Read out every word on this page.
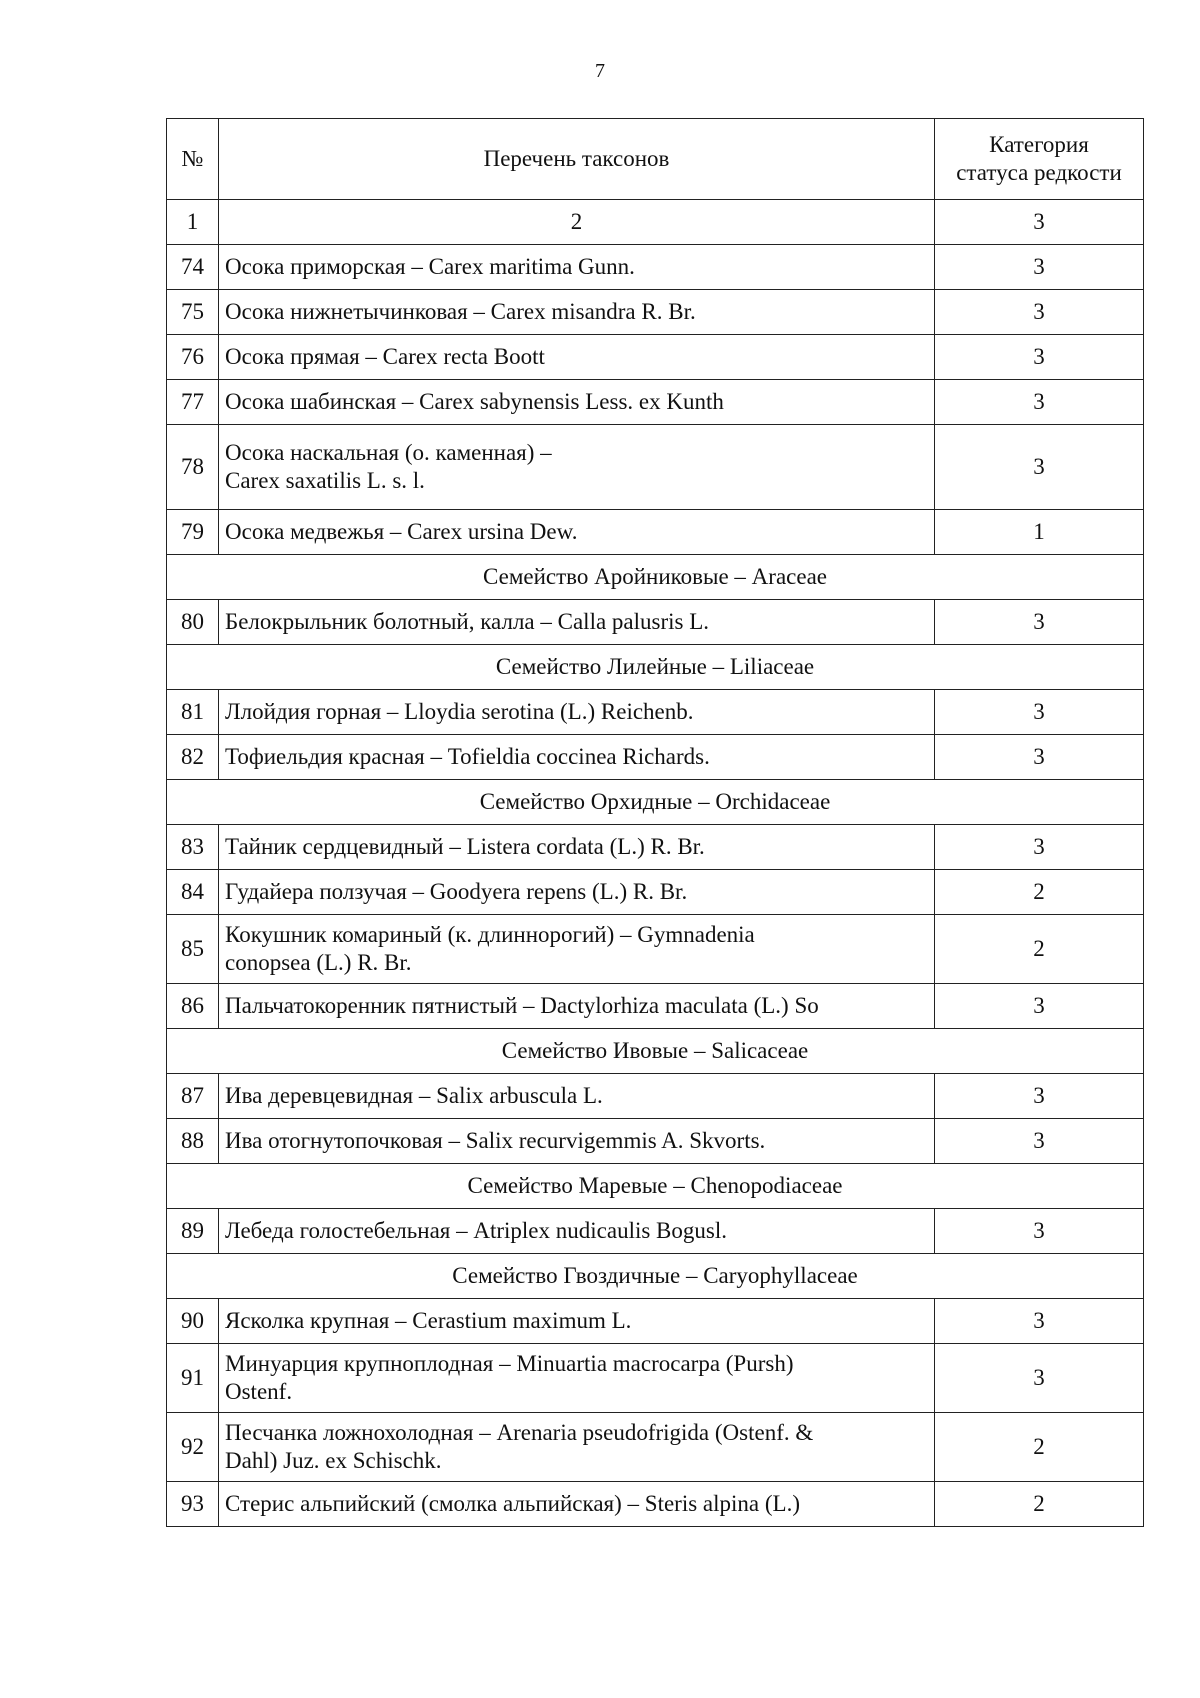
7
№	Перечень таксонов	Категория
статуса редкости
1	2	3
74	Осока приморская – Carex maritima Gunn.	3
75	Осока нижнетычинковая – Carex misandra R. Br.	3
76	Осока прямая – Carex recta Boott	3
77	Осока шабинская – Carex sabynensis Less. ex Kunth	3
78	Осока наскальная (о. каменная) –
Carex saxatilis L. s. l.	3
79	Осока медвежья – Carex ursina Dew.	1
Семейство Аройниковые – Araceae		
80	Белокрыльник болотный, калла – Calla palusris L.	3
Семейство Лилейные – Liliaceae		
81	Ллойдия горная – Lloydia serotina (L.) Reichenb.	3
82	Тофиельдия красная – Tofieldia coccinea Richards.	3
Семейство Орхидные – Orchidaceae		
83	Тайник сердцевидный – Listera cordata (L.) R. Br.	3
84	Гудайера ползучая – Goodyera repens (L.) R. Br.	2
85	Кокушник комариный (к. длиннорогий) – Gymnadenia
conopsea (L.) R. Br.	2
86	Пальчатокоренник пятнистый – Dactylorhiza maculata (L.) So	3
Семейство Ивовые – Salicaceae		
87	Ива деревцевидная – Salix arbuscula L.	3
88	Ива отогнутопочковая – Salix recurvigemmis A. Skvorts.	3
Семейство Маревые – Chenopodiaceae		
89	Лебеда голостебельная – Atriplex nudicaulis Bogusl.	3
Семейство Гвоздичные – Caryophyllaceae		
90	Ясколка крупная – Cerastium maximum L.	3
91	Минуарция крупноплодная – Minuartia macrocarpa (Pursh)
Ostenf.	3
92	Песчанка ложнохолодная – Arenaria pseudofrigida (Ostenf. &
Dahl) Juz. ex Schischk.	2
93	Стерис альпийский (смолка альпийская) – Steris alpina (L.)	2
